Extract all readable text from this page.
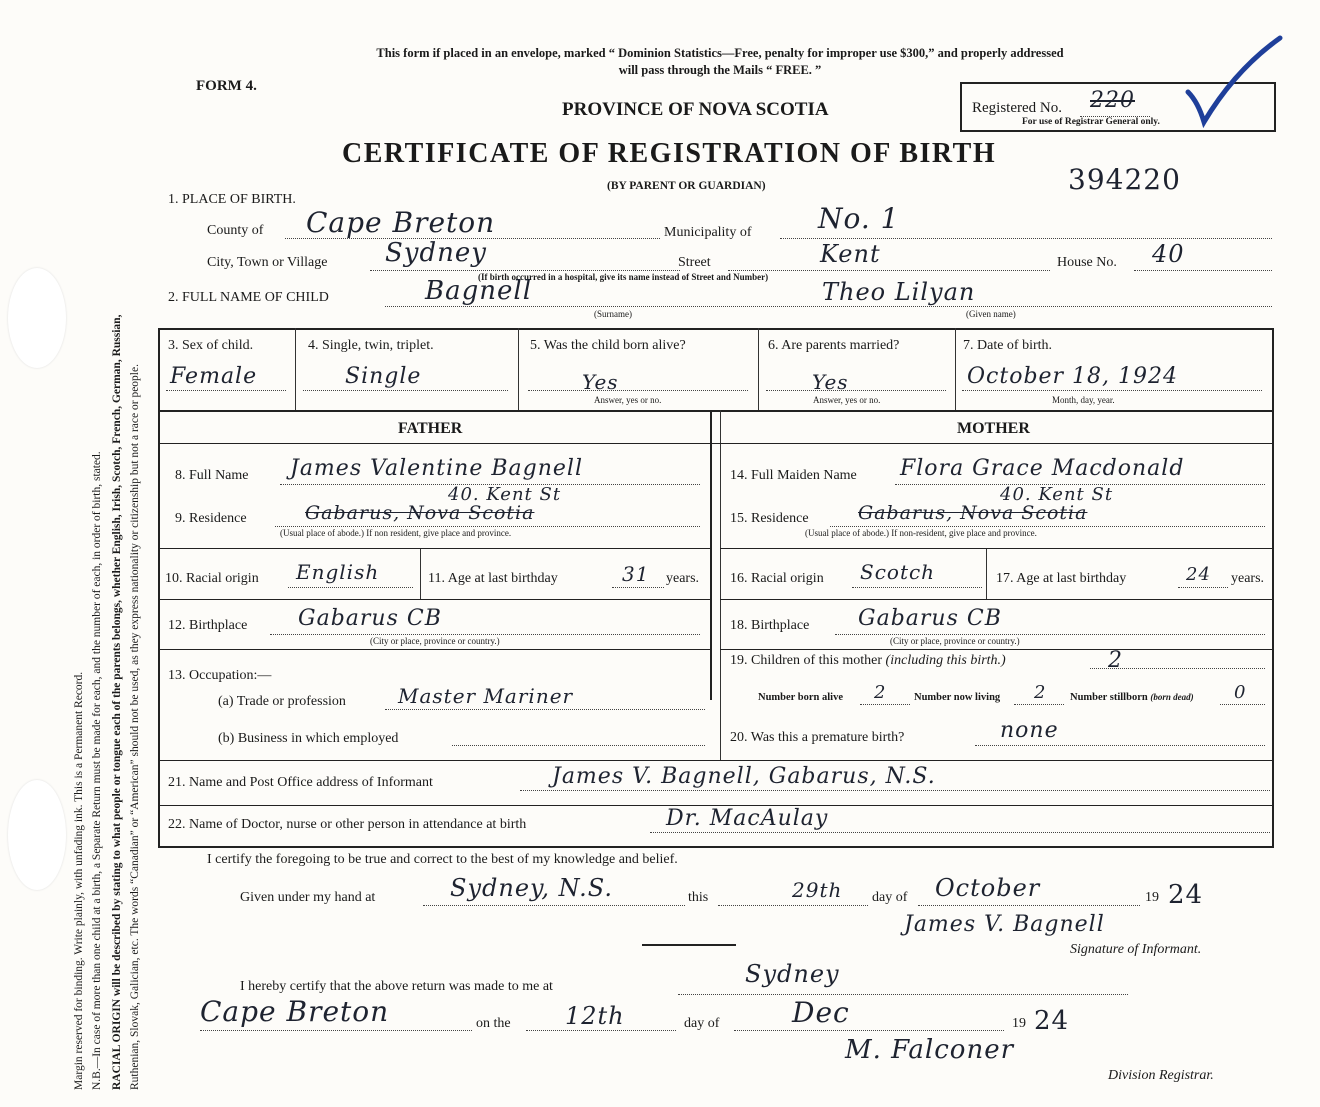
Margin reserved for binding. Write plainly, with unfading ink. This is a Permanent Record. N.B.—In case of more than one child at a birth, a Separate Return must be made for each, and the number of each, in order of birth, stated. RACIAL ORIGIN will be described by stating to what people or tongue each of the parents belongs, whether English, Irish, Scotch, French, German, Russian, Ruthenian, Slovak, Galician, etc. The words “Canadian” or “American” should not be used, as they express nationality or citizenship but not a race or people.
This form if placed in an envelope, marked “ Dominion Statistics—Free, penalty for improper use $300,” and properly addressed
will pass through the Mails “ FREE. ”
FORM 4.
PROVINCE OF NOVA SCOTIA	Registered No. 220
For use of Registrar General only.
CERTIFICATE OF REGISTRATION OF BIRTH
(BY PARENT OR GUARDIAN)	394220
1. PLACE OF BIRTH.
County of Cape Breton	Municipality of No. 1
City, Town or Village Sydney	Street	Kent	House No. 40
(If birth occurred in a hospital, give its name instead of Street and Number)
2. FULL NAME OF CHILD	Bagnell
(Surname)
Theo Lilyan
(Given name)
3. Sex of child.
Female
4. Single, twin, triplet.
Single
5. Was the child born alive?
Yes
Answer, yes or no.
6. Are parents married?
Yes
Answer, yes or no.
7. Date of birth.
October 18, 1924
Month, day, year.
FATHER	MOTHER
8. Full Name James Valentine Bagnell
9. Residence	Gabarus, Nova Scotia
40. Kent St
(Usual place of abode.) If non resident, give place and province.
10. Racial origin English	11. Age at last birthday	31 years.
12. Birthplace Gabarus CB
(City or place, province or country.)
13. Occupation:—
(a) Trade or profession	Master Mariner
(b) Business in which employed
14. Full Maiden Name Flora Grace Macdonald
15. Residence	Gabarus, Nova Scotia
40. Kent St
(Usual place of abode.) If non-resident, give place and province.
16. Racial origin Scotch	17. Age at last birthday	24 years.
18. Birthplace Gabarus CB
(City or place, province or country.)
19. Children of this mother (including this birth.)	2
Number born alive 2	Number now living 2 Number stillborn (born dead) 0
20. Was this a premature birth?	none
21. Name and Post Office address of Informant	James V. Bagnell, Gabarus, N.S.
22. Name of Doctor, nurse or other person in attendance at birth	Dr. MacAulay
I certify the foregoing to be true and correct to the best of my knowledge and belief.
Given under my hand at	Sydney, N.S.	this	29th day of October	19 24
James V. Bagnell
Signature of Informant.
I hereby certify that the above return was made to me at	Sydney
Cape Breton	on the 12th	day of	Dec	19 24
M. Falconer
Division Registrar.
